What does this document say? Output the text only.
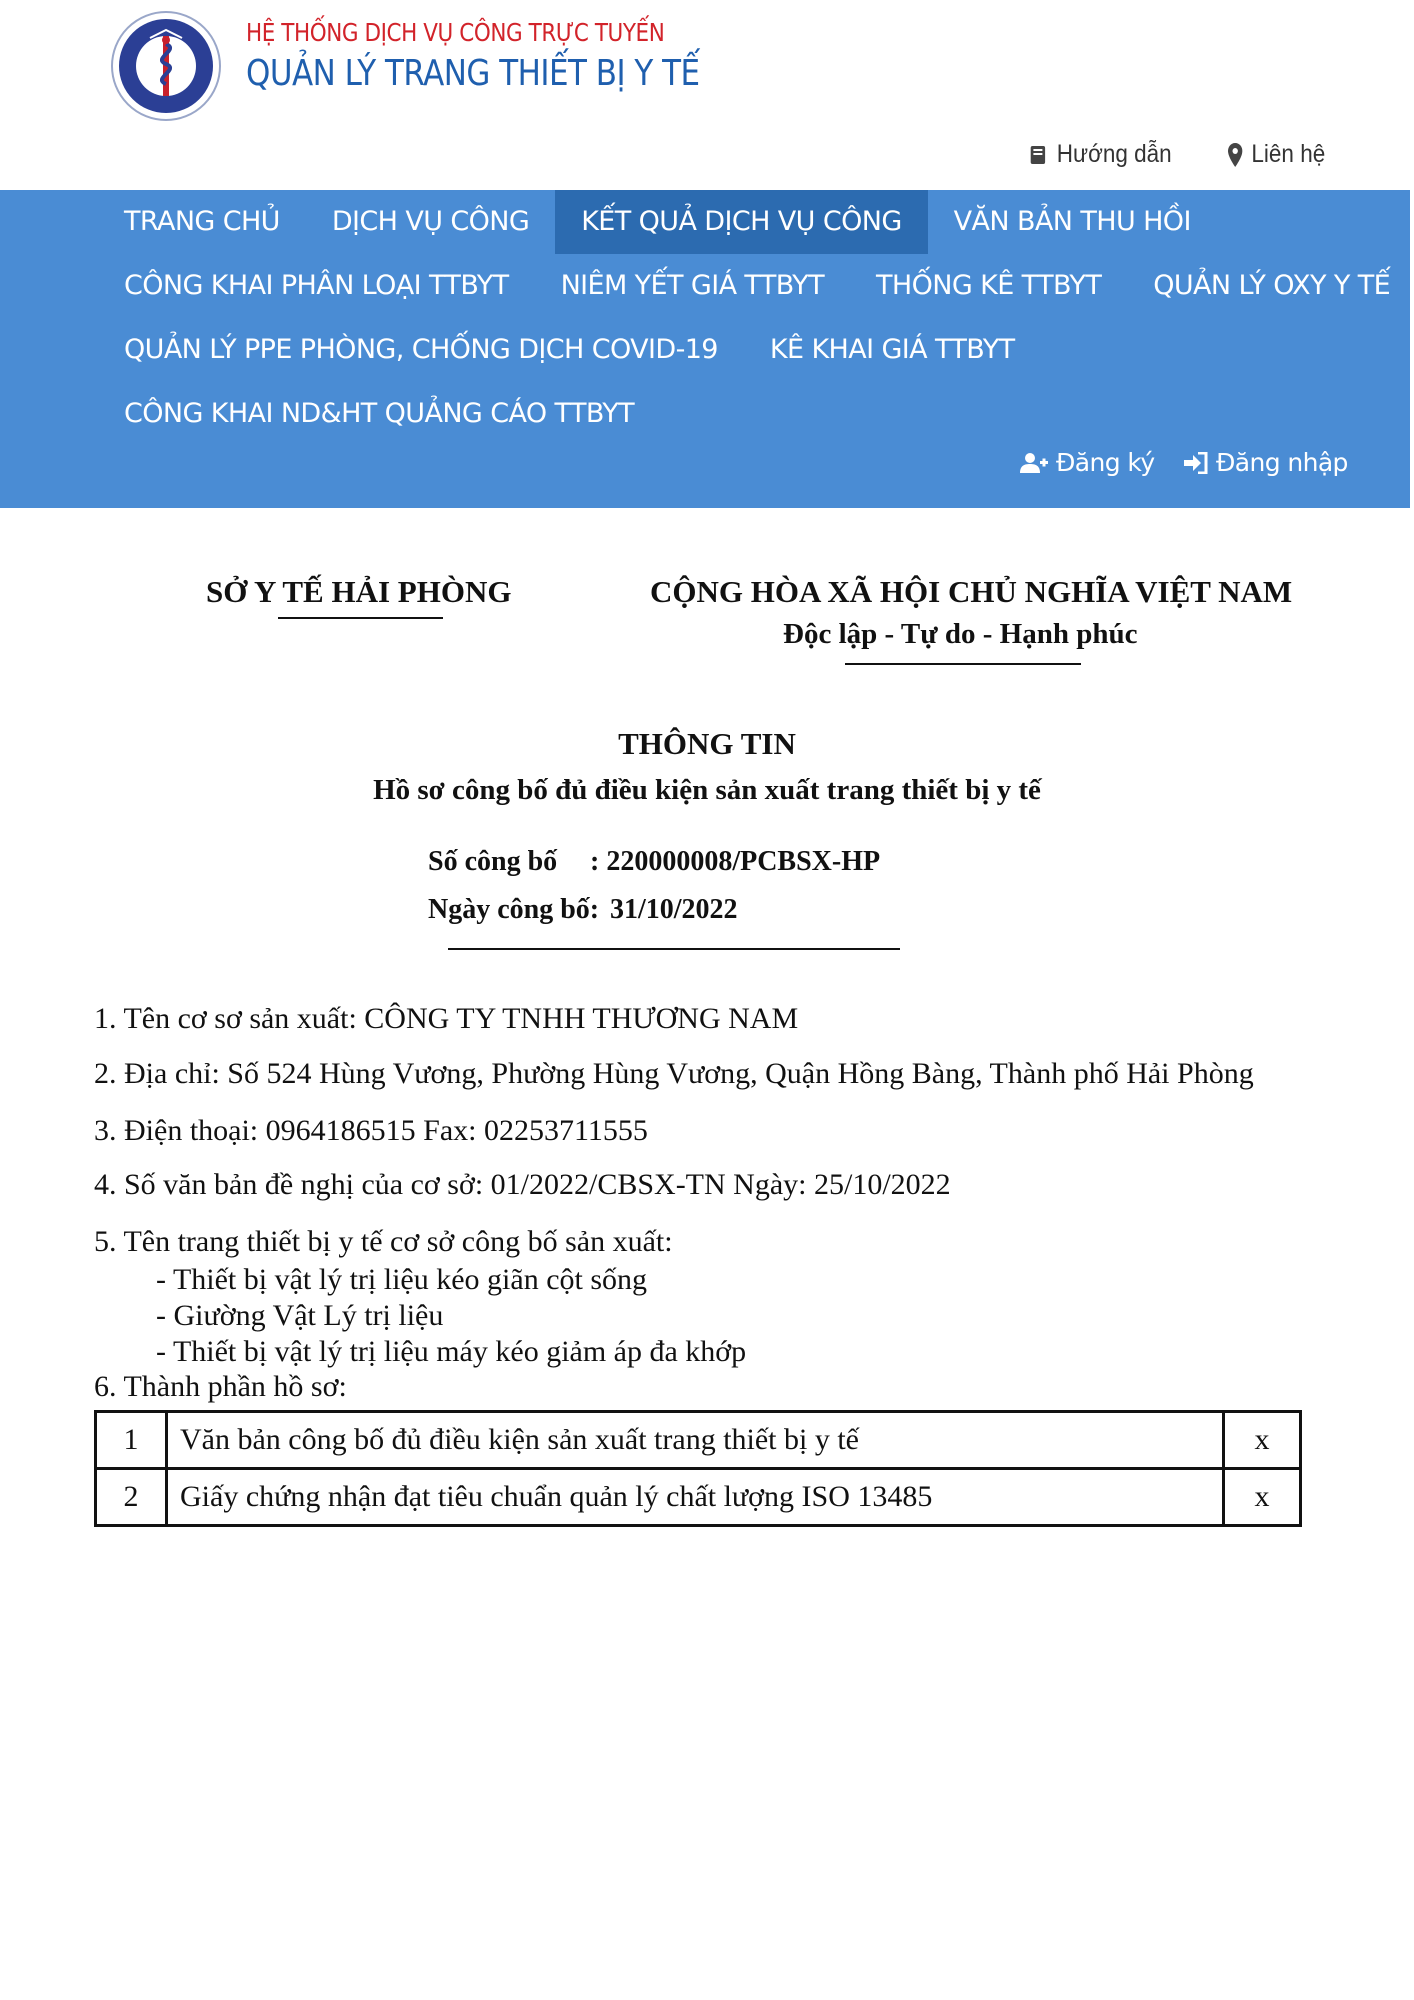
HỆ THỐNG DỊCH VỤ CÔNG TRỰC TUYẾN
QUẢN LÝ TRANG THIẾT BỊ Y TẾ
Hướng dẫn	Liên hệ
TRANG CHỦ	DỊCH VỤ CÔNG	KẾT QUẢ DỊCH VỤ CÔNG	VĂN BẢN THU HỒI
CÔNG KHAI PHÂN LOẠI TTBYT	NIÊM YẾT GIÁ TTBYT	THỐNG KÊ TTBYT	QUẢN LÝ OXY Y TẾ
QUẢN LÝ PPE PHÒNG, CHỐNG DỊCH COVID-19	KÊ KHAI GIÁ TTBYT
CÔNG KHAI ND&HT QUẢNG CÁO TTBYT
Đăng ký Đăng nhập
SỞ Y TẾ HẢI PHÒNG	CỘNG HÒA XÃ HỘI CHỦ NGHĨA VIỆT NAM
Độc lập - Tự do - Hạnh phúc
THÔNG TIN
Hồ sơ công bố đủ điều kiện sản xuất trang thiết bị y tế
Số công bố : 220000008/PCBSX-HP
Ngày công bố: 31/10/2022
1. Tên cơ sơ sản xuất: CÔNG TY TNHH THƯƠNG NAM
2. Địa chỉ: Số 524 Hùng Vương, Phường Hùng Vương, Quận Hồng Bàng, Thành phố Hải Phòng
3. Điện thoại: 0964186515 Fax: 02253711555
4. Số văn bản đề nghị của cơ sở: 01/2022/CBSX-TN Ngày: 25/10/2022
5. Tên trang thiết bị y tế cơ sở công bố sản xuất:
- Thiết bị vật lý trị liệu kéo giãn cột sống
- Giường Vật Lý trị liệu
- Thiết bị vật lý trị liệu máy kéo giảm áp đa khớp
6. Thành phần hồ sơ:
1	Văn bản công bố đủ điều kiện sản xuất trang thiết bị y tế	x
2	Giấy chứng nhận đạt tiêu chuẩn quản lý chất lượng ISO 13485	x
